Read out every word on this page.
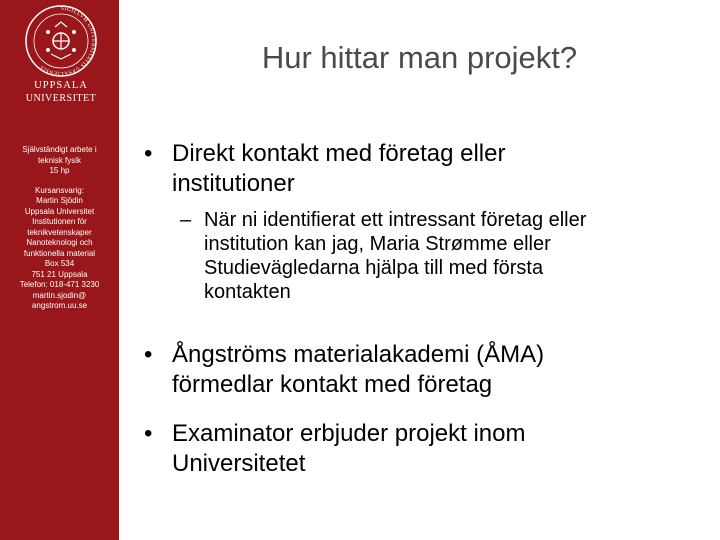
SIGILLVM UNIVERSITATIS UPSALIENSIS
UPPSALA
UNIVERSITET
Självständigt arbete i
teknisk fysik
15 hp
Kursansvarig:
Martin Sjödin
Uppsala Universitet
Institutionen för
teknikvetenskaper
Nanoteknologi och
funktionella material
Box 534
751 21 Uppsala
Telefon: 018-471 3230
martin.sjodin@
angstrom.uu.se
Hur hittar man projekt?
• Direkt kontakt med företag eller
institutioner
– När ni identifierat ett intressant företag eller
institution kan jag, Maria Strømme eller
Studievägledarna hjälpa till med första
kontakten
• Ångströms materialakademi (ÅMA)
förmedlar kontakt med företag
• Examinator erbjuder projekt inom
Universitetet
